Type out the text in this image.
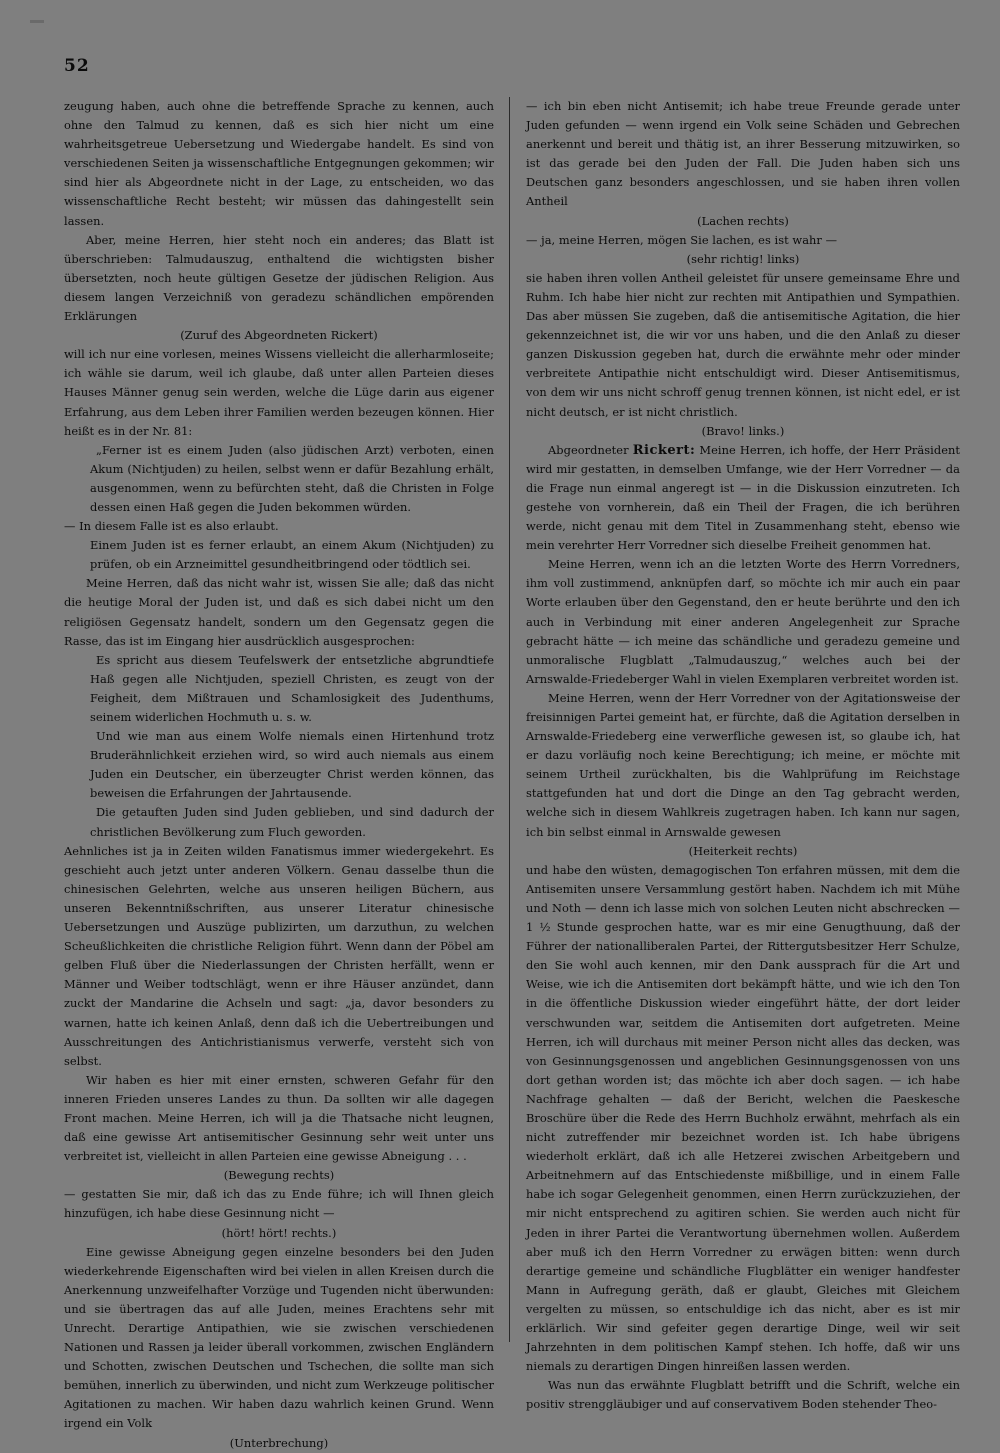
52

zeugung haben, auch ohne die betreffende Sprache zu kennen, auch ohne den Talmud zu kennen, daß es sich hier nicht um eine wahrheitsgetreue Uebersetzung und Wiedergabe handelt. Es sind von verschiedenen Seiten ja wissenschaftliche Entgegnungen gekommen; wir sind hier als Abgeordnete nicht in der Lage, zu entscheiden, wo das wissenschaftliche Recht besteht; wir müssen das dahingestellt sein lassen.

Aber, meine Herren, hier steht noch ein anderes; das Blatt ist überschrieben: Talmudauszug, enthaltend die wichtigsten bisher übersetzten, noch heute gültigen Gesetze der jüdischen Religion. Aus diesem langen Verzeichniß von geradezu schändlichen empörenden Erklärungen

(Zuruf des Abgeordneten Rickert)

will ich nur eine vorlesen, meines Wissens vielleicht die allerharmloseite; ich wähle sie darum, weil ich glaube, daß unter allen Parteien dieses Hauses Männer genug sein werden, welche die Lüge darin aus eigener Erfahrung, aus dem Leben ihrer Familien werden bezeugen können. Hier heißt es in der Nr. 81:

„Ferner ist es einem Juden (also jüdischen Arzt) verboten, einen Akum (Nichtjuden) zu heilen, selbst wenn er dafür Bezahlung erhält, ausgenommen, wenn zu befürchten steht, daß die Christen in Folge dessen einen Haß gegen die Juden bekommen würden.

— In diesem Falle ist es also erlaubt.

Einem Juden ist es ferner erlaubt, an einem Akum (Nichtjuden) zu prüfen, ob ein Arzneimittel gesundheitbringend oder tödtlich sei.

Meine Herren, daß das nicht wahr ist, wissen Sie alle; daß das nicht die heutige Moral der Juden ist, und daß es sich dabei nicht um den religiösen Gegensatz handelt, sondern um den Gegensatz gegen die Rasse, das ist im Eingang hier ausdrücklich ausgesprochen:

Es spricht aus diesem Teufelswerk der entsetzliche abgrundtiefe Haß gegen alle Nichtjuden, speziell Christen, es zeugt von der Feigheit, dem Mißtrauen und Schamlosigkeit des Judenthums, seinem widerlichen Hochmuth u. s. w.

Und wie man aus einem Wolfe niemals einen Hirtenhund trotz Bruderähnlichkeit erziehen wird, so wird auch niemals aus einem Juden ein Deutscher, ein überzeugter Christ werden können, das beweisen die Erfahrungen der Jahrtausende.

Die getauften Juden sind Juden geblieben, und sind dadurch der christlichen Bevölkerung zum Fluch geworden.

Aehnliches ist ja in Zeiten wilden Fanatismus immer wiedergekehrt. Es geschieht auch jetzt unter anderen Völkern. Genau dasselbe thun die chinesischen Gelehrten, welche aus unseren heiligen Büchern, aus unseren Bekenntnißschriften, aus unserer Literatur chinesische Uebersetzungen und Auszüge publizirten, um darzuthun, zu welchen Scheußlichkeiten die christliche Religion führt. Wenn dann der Pöbel am gelben Fluß über die Niederlassungen der Christen herfällt, wenn er Männer und Weiber todtschlägt, wenn er ihre Häuser anzündet, dann zuckt der Mandarine die Achseln und sagt: „ja, davor besonders zu warnen, hatte ich keinen Anlaß, denn daß ich die Uebertreibungen und Ausschreitungen des Antichristianismus verwerfe, versteht sich von selbst.

Wir haben es hier mit einer ernsten, schweren Gefahr für den inneren Frieden unseres Landes zu thun. Da sollten wir alle dagegen Front machen. Meine Herren, ich will ja die Thatsache nicht leugnen, daß eine gewisse Art antisemitischer Gesinnung sehr weit unter uns verbreitet ist, vielleicht in allen Parteien eine gewisse Abneigung . . .

(Bewegung rechts)

— gestatten Sie mir, daß ich das zu Ende führe; ich will Ihnen gleich hinzufügen, ich habe diese Gesinnung nicht —

(hört! hört! rechts.)

Eine gewisse Abneigung gegen einzelne besonders bei den Juden wiederkehrende Eigenschaften wird bei vielen in allen Kreisen durch die Anerkennung unzweifelhafter Vorzüge und Tugenden nicht überwunden: und sie übertragen das auf alle Juden, meines Erachtens sehr mit Unrecht. Derartige Antipathien, wie sie zwischen verschiedenen Nationen und Rassen ja leider überall vorkommen, zwischen Engländern und Schotten, zwischen Deutschen und Tschechen, die sollte man sich bemühen, innerlich zu überwinden, und nicht zum Werkzeuge politischer Agitationen zu machen. Wir haben dazu wahrlich keinen Grund. Wenn irgend ein Volk

(Unterbrechung)

— ich bin eben nicht Antisemit; ich habe treue Freunde gerade unter Juden gefunden — wenn irgend ein Volk seine Schäden und Gebrechen anerkennt und bereit und thätig ist, an ihrer Besserung mitzuwirken, so ist das gerade bei den Juden der Fall. Die Juden haben sich uns Deutschen ganz besonders angeschlossen, und sie haben ihren vollen Antheil

(Lachen rechts)

— ja, meine Herren, mögen Sie lachen, es ist wahr —

(sehr richtig! links)

sie haben ihren vollen Antheil geleistet für unsere gemeinsame Ehre und Ruhm. Ich habe hier nicht zur rechten mit Antipathien und Sympathien. Das aber müssen Sie zugeben, daß die antisemitische Agitation, die hier gekennzeichnet ist, die wir vor uns haben, und die den Anlaß zu dieser ganzen Diskussion gegeben hat, durch die erwähnte mehr oder minder verbreitete Antipathie nicht entschuldigt wird. Dieser Antisemitismus, von dem wir uns nicht schroff genug trennen können, ist nicht edel, er ist nicht deutsch, er ist nicht christlich.

(Bravo! links.)

Abgeordneter Rickert: Meine Herren, ich hoffe, der Herr Präsident wird mir gestatten, in demselben Umfange, wie der Herr Vorredner — da die Frage nun einmal angeregt ist — in die Diskussion einzutreten. Ich gestehe von vornherein, daß ein Theil der Fragen, die ich berühren werde, nicht genau mit dem Titel in Zusammenhang steht, ebenso wie mein verehrter Herr Vorredner sich dieselbe Freiheit genommen hat.

Meine Herren, wenn ich an die letzten Worte des Herrn Vorredners, ihm voll zustimmend, anknüpfen darf, so möchte ich mir auch ein paar Worte erlauben über den Gegenstand, den er heute berührte und den ich auch in Verbindung mit einer anderen Angelegenheit zur Sprache gebracht hätte — ich meine das schändliche und geradezu gemeine und unmoralische Flugblatt „Talmudauszug,“ welches auch bei der Arnswalde-Friedeberger Wahl in vielen Exemplaren verbreitet worden ist.

Meine Herren, wenn der Herr Vorredner von der Agitationsweise der freisinnigen Partei gemeint hat, er fürchte, daß die Agitation derselben in Arnswalde-Friedeberg eine verwerfliche gewesen ist, so glaube ich, hat er dazu vorläufig noch keine Berechtigung; ich meine, er möchte mit seinem Urtheil zurückhalten, bis die Wahlprüfung im Reichstage stattgefunden hat und dort die Dinge an den Tag gebracht werden, welche sich in diesem Wahlkreis zugetragen haben. Ich kann nur sagen, ich bin selbst einmal in Arnswalde gewesen

(Heiterkeit rechts)

und habe den wüsten, demagogischen Ton erfahren müssen, mit dem die Antisemiten unsere Versammlung gestört haben. Nachdem ich mit Mühe und Noth — denn ich lasse mich von solchen Leuten nicht abschrecken — 1 ½ Stunde gesprochen hatte, war es mir eine Genugthuung, daß der Führer der nationalliberalen Partei, der Rittergutsbesitzer Herr Schulze, den Sie wohl auch kennen, mir den Dank aussprach für die Art und Weise, wie ich die Antisemiten dort bekämpft hätte, und wie ich den Ton in die öffentliche Diskussion wieder eingeführt hätte, der dort leider verschwunden war, seitdem die Antisemiten dort aufgetreten. Meine Herren, ich will durchaus mit meiner Person nicht alles das decken, was von Gesinnungsgenossen und angeblichen Gesinnungsgenossen von uns dort gethan worden ist; das möchte ich aber doch sagen. — ich habe Nachfrage gehalten — daß der Bericht, welchen die Paeskesche Broschüre über die Rede des Herrn Buchholz erwähnt, mehrfach als ein nicht zutreffender mir bezeichnet worden ist. Ich habe übrigens wiederholt erklärt, daß ich alle Hetzerei zwischen Arbeitgebern und Arbeitnehmern auf das Entschiedenste mißbillige, und in einem Falle habe ich sogar Gelegenheit genommen, einen Herrn zurückzuziehen, der mir nicht entsprechend zu agitiren schien. Sie werden auch nicht für Jeden in ihrer Partei die Verantwortung übernehmen wollen. Außerdem aber muß ich den Herrn Vorredner zu erwägen bitten: wenn durch derartige gemeine und schändliche Flugblätter ein weniger handfester Mann in Aufregung geräth, daß er glaubt, Gleiches mit Gleichem vergelten zu müssen, so entschuldige ich das nicht, aber es ist mir erklärlich. Wir sind gefeiter gegen derartige Dinge, weil wir seit Jahrzehnten in dem politischen Kampf stehen. Ich hoffe, daß wir uns niemals zu derartigen Dingen hinreißen lassen werden.

Was nun das erwähnte Flugblatt betrifft und die Schrift, welche ein positiv strenggläubiger und auf conservativem Boden stehender Theo-
